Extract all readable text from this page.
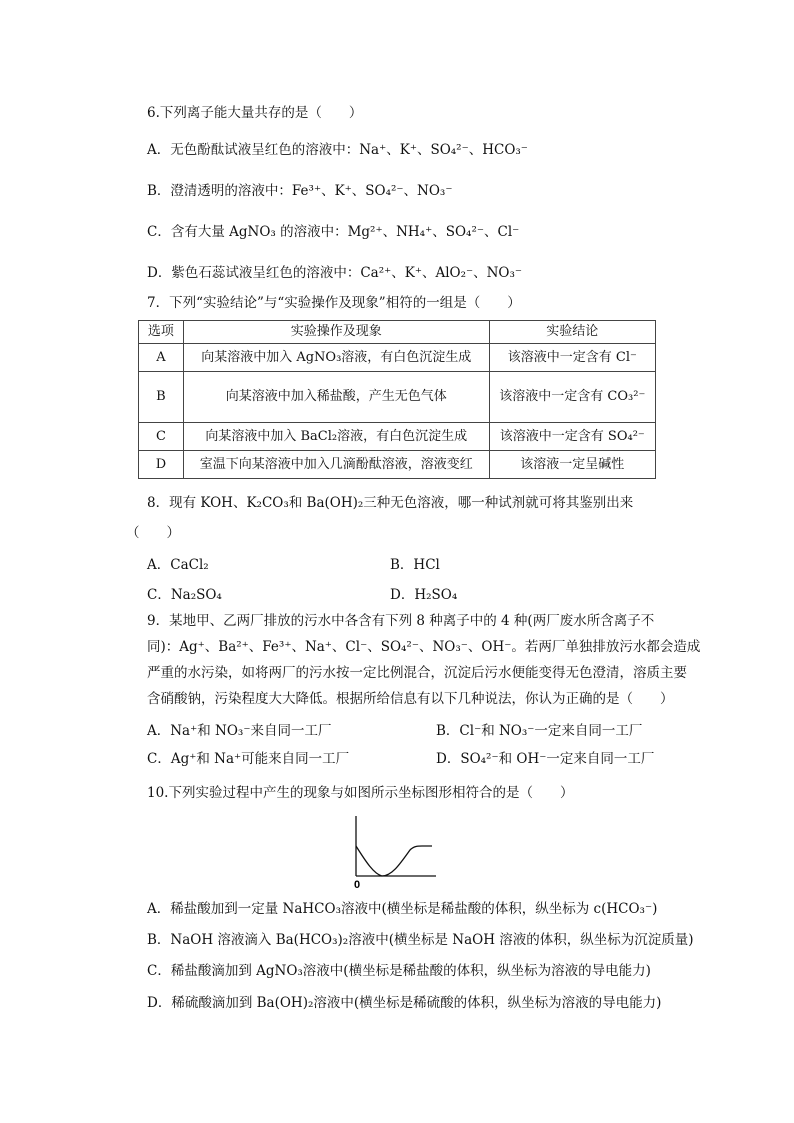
6.下列离子能大量共存的是（　　）
A．无色酚酞试液呈红色的溶液中：Na⁺、K⁺、SO₄²⁻、HCO₃⁻
B．澄清透明的溶液中：Fe³⁺、K⁺、SO₄²⁻、NO₃⁻
C．含有大量 AgNO₃ 的溶液中：Mg²⁺、NH₄⁺、SO₄²⁻、Cl⁻
D．紫色石蕊试液呈红色的溶液中：Ca²⁺、K⁺、AlO₂⁻、NO₃⁻
7．下列“实验结论”与“实验操作及现象”相符的一组是（　　）
选项	实验操作及现象	实验结论
A	向某溶液中加入 AgNO₃溶液，有白色沉淀生成	该溶液中一定含有 Cl⁻
B	向某溶液中加入稀盐酸，产生无色气体	该溶液中一定含有 CO₃²⁻
C	向某溶液中加入 BaCl₂溶液，有白色沉淀生成	该溶液中一定含有 SO₄²⁻
D	室温下向某溶液中加入几滴酚酞溶液，溶液变红	该溶液一定呈碱性
8．现有 KOH、K₂CO₃和 Ba(OH)₂三种无色溶液，哪一种试剂就可将其鉴别出来
（　　）
A．CaCl₂	B．HCl
C．Na₂SO₄	D．H₂SO₄
9．某地甲、乙两厂排放的污水中各含有下列 8 种离子中的 4 种(两厂废水所含离子不
同)：Ag⁺、Ba²⁺、Fe³⁺、Na⁺、Cl⁻、SO₄²⁻、NO₃⁻、OH⁻。若两厂单独排放污水都会造成
严重的水污染，如将两厂的污水按一定比例混合，沉淀后污水便能变得无色澄清，溶质主要
含硝酸钠，污染程度大大降低。根据所给信息有以下几种说法，你认为正确的是（　　）
A．Na⁺和 NO₃⁻来自同一工厂	B．Cl⁻和 NO₃⁻一定来自同一工厂
C．Ag⁺和 Na⁺可能来自同一工厂	D．SO₄²⁻和 OH⁻一定来自同一工厂
10.下列实验过程中产生的现象与如图所示坐标图形相符合的是（　　）
0
A．稀盐酸加到一定量 NaHCO₃溶液中(横坐标是稀盐酸的体积，纵坐标为 c(HCO₃⁻)
B．NaOH 溶液滴入 Ba(HCO₃)₂溶液中(横坐标是 NaOH 溶液的体积，纵坐标为沉淀质量)
C．稀盐酸滴加到 AgNO₃溶液中(横坐标是稀盐酸的体积，纵坐标为溶液的导电能力)
D．稀硫酸滴加到 Ba(OH)₂溶液中(横坐标是稀硫酸的体积，纵坐标为溶液的导电能力)
